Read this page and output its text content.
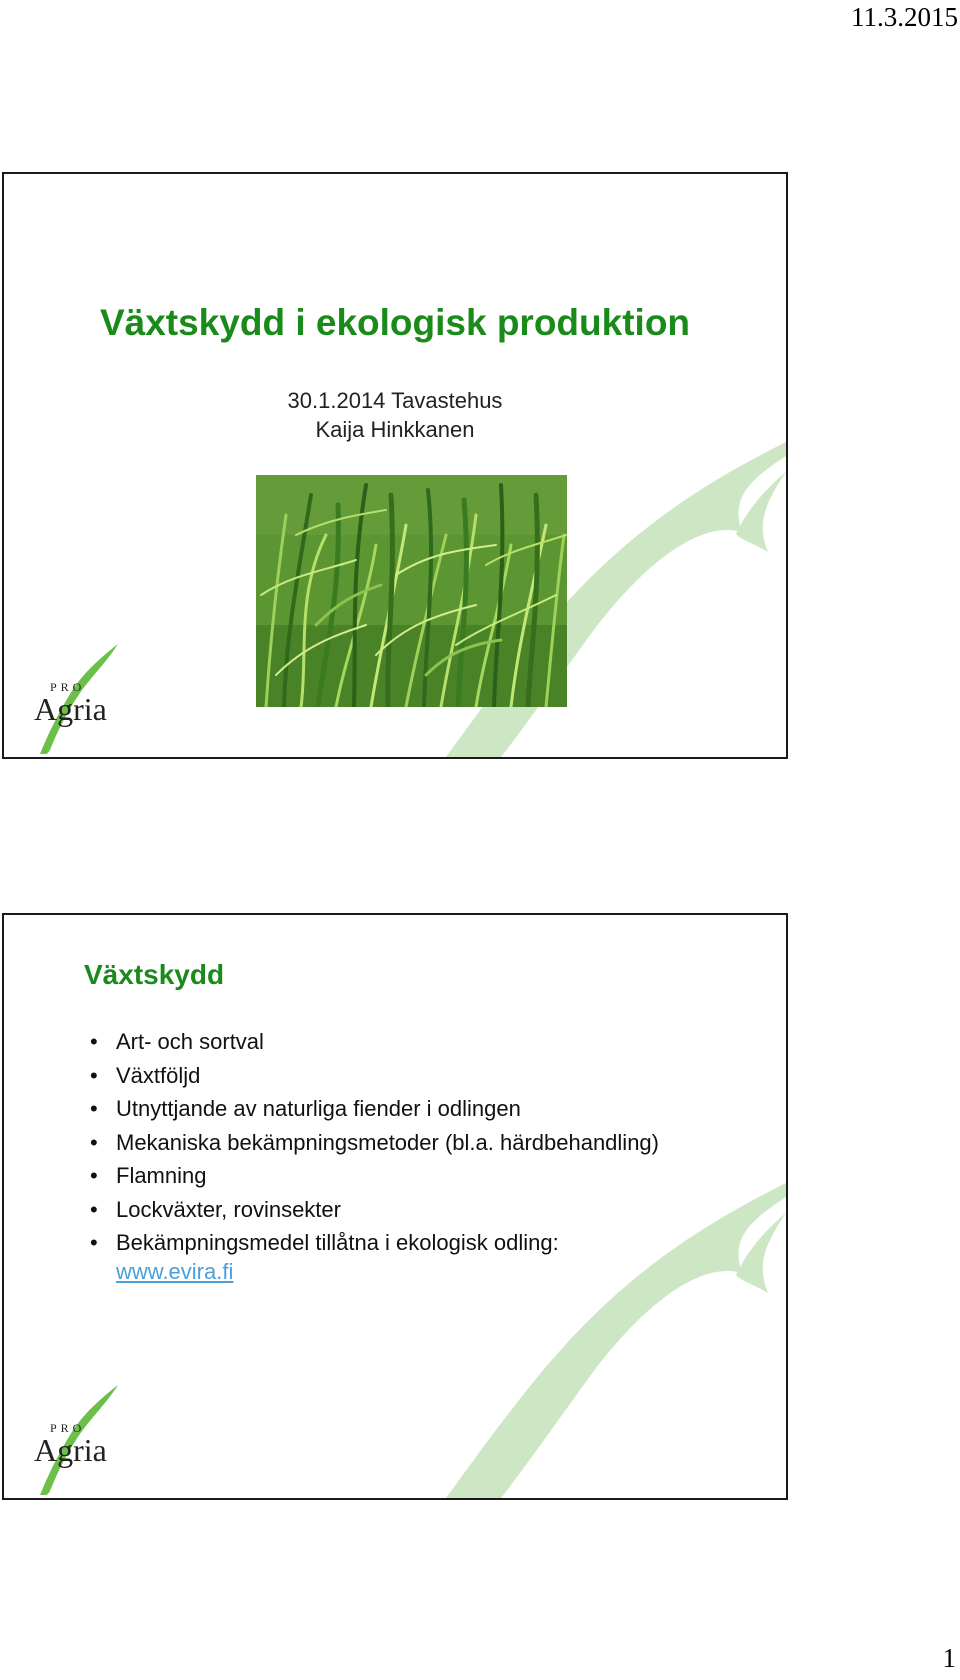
11.3.2015
Växtskydd i ekologisk produktion
30.1.2014 Tavastehus
Kaija Hinkkanen
PRO
Agria
Växtskydd
• Art- och sortval
• Växtföljd
• Utnyttjande av naturliga fiender i odlingen
• Mekaniska bekämpningsmetoder (bl.a. härdbehandling)
• Flamning
• Lockväxter, rovinsekter
• Bekämpningsmedel tillåtna i ekologisk odling:
www.evira.fi
PRO
Agria
1
